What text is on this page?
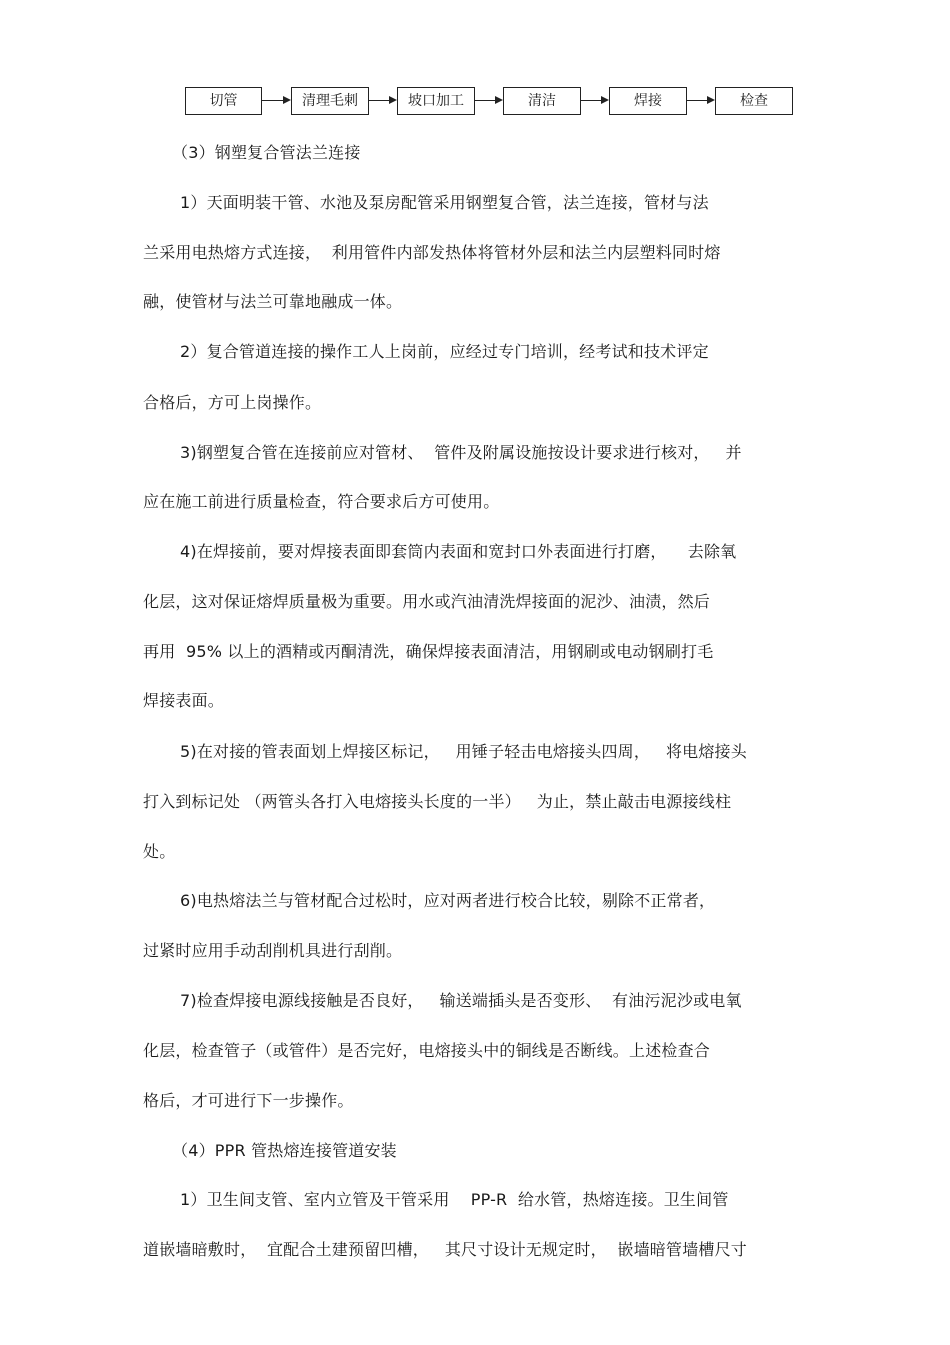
切管	清理毛刺	坡口加工	清洁	焊接	检查
（3）钢塑复合管法兰连接
1）天面明装干管、水池及泵房配管采用钢塑复合管，法兰连接，管材与法
兰采用电热熔方式连接，  利用管件内部发热体将管材外层和法兰内层塑料同时熔
融，使管材与法兰可靠地融成一体。
2）复合管道连接的操作工人上岗前，应经过专门培训，经考试和技术评定
合格后，方可上岗操作。
3)钢塑复合管在连接前应对管材、  管件及附属设施按设计要求进行核对，   并
应在施工前进行质量检查，符合要求后方可使用。
4)在焊接前，要对焊接表面即套筒内表面和宽封口外表面进行打磨，    去除氧
化层，这对保证熔焊质量极为重要。用水或汽油清洗焊接面的泥沙、油渍，然后
再用  95% 以上的酒精或丙酮清洗，确保焊接表面清洁，用钢刷或电动钢刷打毛
焊接表面。
5)在对接的管表面划上焊接区标记，   用锤子轻击电熔接头四周，   将电熔接头
打入到标记处 （两管头各打入电熔接头长度的一半）   为止，禁止敲击电源接线柱
处。
6)电热熔法兰与管材配合过松时，应对两者进行校合比较，剔除不正常者，
过紧时应用手动刮削机具进行刮削。
7)检查焊接电源线接触是否良好，   输送端插头是否变形、  有油污泥沙或电氧
化层，检查管子（或管件）是否完好，电熔接头中的铜线是否断线。上述检查合
格后，才可进行下一步操作。
（4）PPR 管热熔连接管道安装
1）卫生间支管、室内立管及干管采用    PP-R  给水管，热熔连接。卫生间管
道嵌墙暗敷时，  宜配合土建预留凹槽，   其尺寸设计无规定时，  嵌墙暗管墙槽尺寸
